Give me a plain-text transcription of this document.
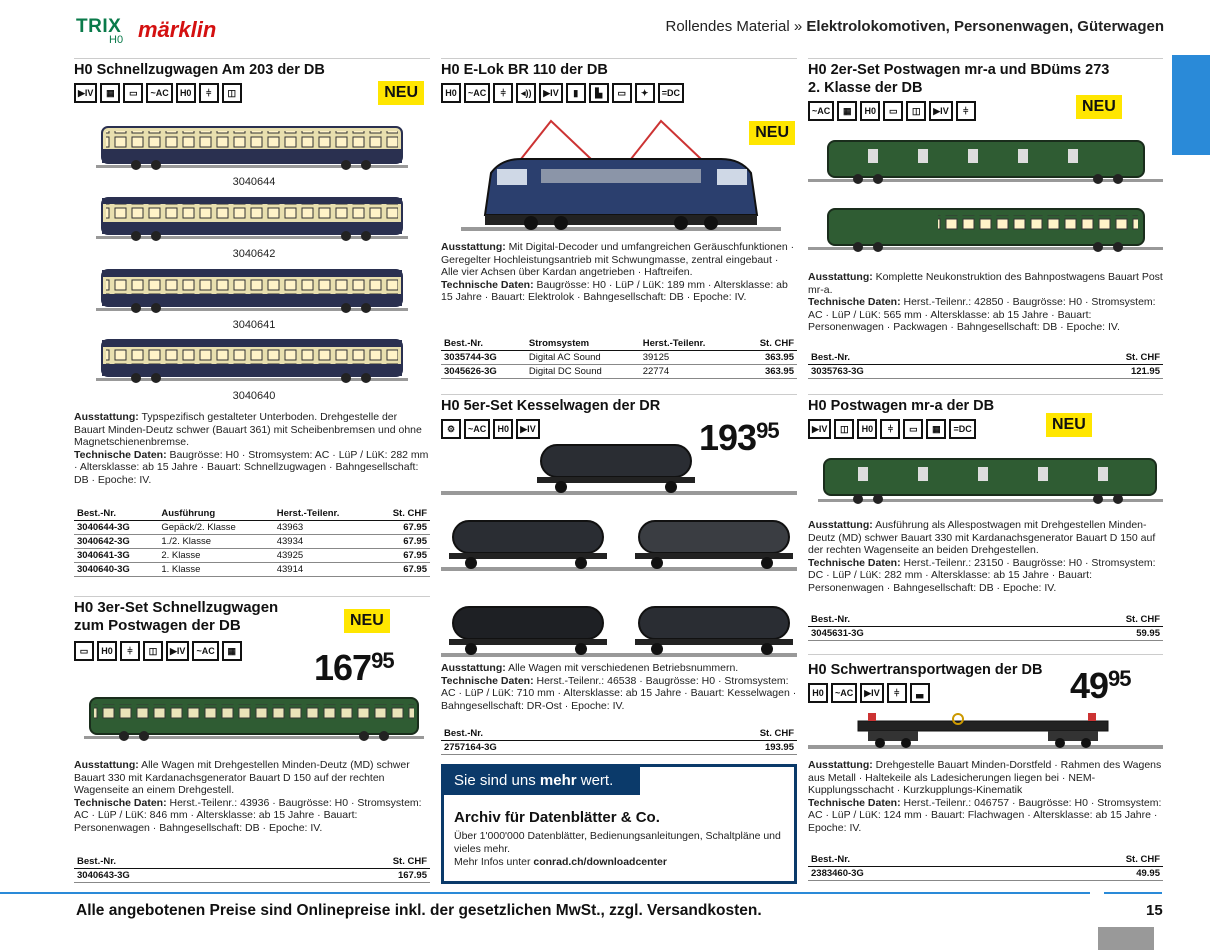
TRIX
H0 märklin	Rollendes Material » Elektrolokomotiven, Personenwagen, Güterwagen
H0 Schnellzugwagen Am 203 der DB
NEU
▶IV	▦	▭	~AC	H0	⫩	◫
3040644
3040642
3040641
3040640
Ausstattung: Typspezifisch gestalteter Unterboden. Drehgestelle der Bauart Minden-Deutz schwer (Bauart 361) mit Scheibenbremsen und ohne Magnetschienenbremse.
Technische Daten: Baugrösse: H0 · Stromsystem: AC · LüP / LüK: 282 mm · Altersklasse: ab 15 Jahre · Bauart: Schnellzugwagen · Bahngesellschaft: DB · Epoche: IV.
Best.-Nr.	Ausführung	Herst.-Teilenr.	St. CHF
3040644-3G	Gepäck/2. Klasse	43963	67.95
3040642-3G	1./2. Klasse	43934	67.95
3040641-3G	2. Klasse	43925	67.95
3040640-3G	1. Klasse	43914	67.95
H0 3er-Set Schnellzugwagen
zum Postwagen der DB	NEU
▭	H0	⫩	◫	▶IV	~AC	▦ $167^{95}$
Ausstattung: Alle Wagen mit Drehgestellen Minden-Deutz (MD) schwer Bauart 330 mit Kardanachsgenerator Bauart D 150 auf der rechten Wagenseite an einem Drehgestell.
Technische Daten: Herst.-Teilenr.: 43936 · Baugrösse: H0 · Stromsystem: AC · LüP / LüK: 846 mm · Altersklasse: ab 15 Jahre · Bauart: Personenwagen · Bahngesellschaft: DB · Epoche: IV.
Best.-Nr.	St. CHF
3040643-3G	167.95
H0 E-Lok BR 110 der DB
H0	~AC	⫩	◂))	▶IV	▮	▙	▭	✦	=DC
NEU
Ausstattung: Mit Digital-Decoder und umfangreichen Geräuschfunktionen · Geregelter Hochleistungsantrieb mit Schwungmasse, zentral eingebaut · Alle vier Achsen über Kardan angetrieben · Haftreifen.
Technische Daten: Baugrösse: H0 · LüP / LüK: 189 mm · Altersklasse: ab 15 Jahre · Bauart: Elektrolok · Bahngesellschaft: DB · Epoche: IV.
Best.-Nr.	Stromsystem	Herst.-Teilenr.	St. CHF
3035744-3G	Digital AC Sound	39125	363.95
3045626-3G	Digital DC Sound	22774	363.95
H0 5er-Set Kesselwagen der DR
⚙	~AC	H0	▶IV	$193^{95}$
Ausstattung: Alle Wagen mit verschiedenen Betriebsnummern.
Technische Daten: Herst.-Teilenr.: 46538 · Baugrösse: H0 · Stromsystem: AC · LüP / LüK: 710 mm · Altersklasse: ab 15 Jahre · Bauart: Kesselwagen · Bahngesellschaft: DR-Ost · Epoche: IV.
Best.-Nr.	St. CHF
2757164-3G	193.95
Sie sind uns mehr wert.
Archiv für Datenblätter & Co.
Über 1'000'000 Datenblätter, Bedienungsanleitungen, Schaltpläne und vieles mehr.
Mehr Infos unter conrad.ch/downloadcenter
H0 2er-Set Postwagen mr-a und BDüms 273
2. Klasse der DB
NEU
~AC	▦	H0	▭	◫	▶IV	⫩
Ausstattung: Komplette Neukonstruktion des Bahnpostwagens Bauart Post mr-a.
Technische Daten: Herst.-Teilenr.: 42850 · Baugrösse: H0 · Stromsystem: AC · LüP / LüK: 565 mm · Altersklasse: ab 15 Jahre · Bauart: Personenwagen · Packwagen · Bahngesellschaft: DB · Epoche: IV.
Best.-Nr.	St. CHF
3035763-3G	121.95
H0 Postwagen mr-a der DB
NEU
▶IV	◫	H0	⫩	▭	▦	=DC
Ausstattung: Ausführung als Allespostwagen mit Drehgestellen Minden-Deutz (MD) schwer Bauart 330 mit Kardanachsgenerator Bauart D 150 auf der rechten Wagenseite an beiden Drehgestellen.
Technische Daten: Herst.-Teilenr.: 23150 · Baugrösse: H0 · Stromsystem: DC · LüP / LüK: 282 mm · Altersklasse: ab 15 Jahre · Bauart: Personenwagen · Bahngesellschaft: DB · Epoche: IV.
Best.-Nr.	St. CHF
3045631-3G	59.95
H0 Schwertransportwagen der DB
H0	~AC	▶IV	⫩	▃	$49^{95}$
Ausstattung: Drehgestelle Bauart Minden-Dorstfeld · Rahmen des Wagens aus Metall · Haltekeile als Ladesicherungen liegen bei · NEM-Kupplungsschacht · Kurzkupplungs-Kinematik
Technische Daten: Herst.-Teilenr.: 046757 · Baugrösse: H0 · Stromsystem: AC · LüP / LüK: 124 mm · Bauart: Flachwagen · Altersklasse: ab 15 Jahre · Epoche: IV.
Best.-Nr.	St. CHF
2383460-3G	49.95
Alle angebotenen Preise sind Onlinepreise inkl. der gesetzlichen MwSt., zzgl. Versandkosten.	15
